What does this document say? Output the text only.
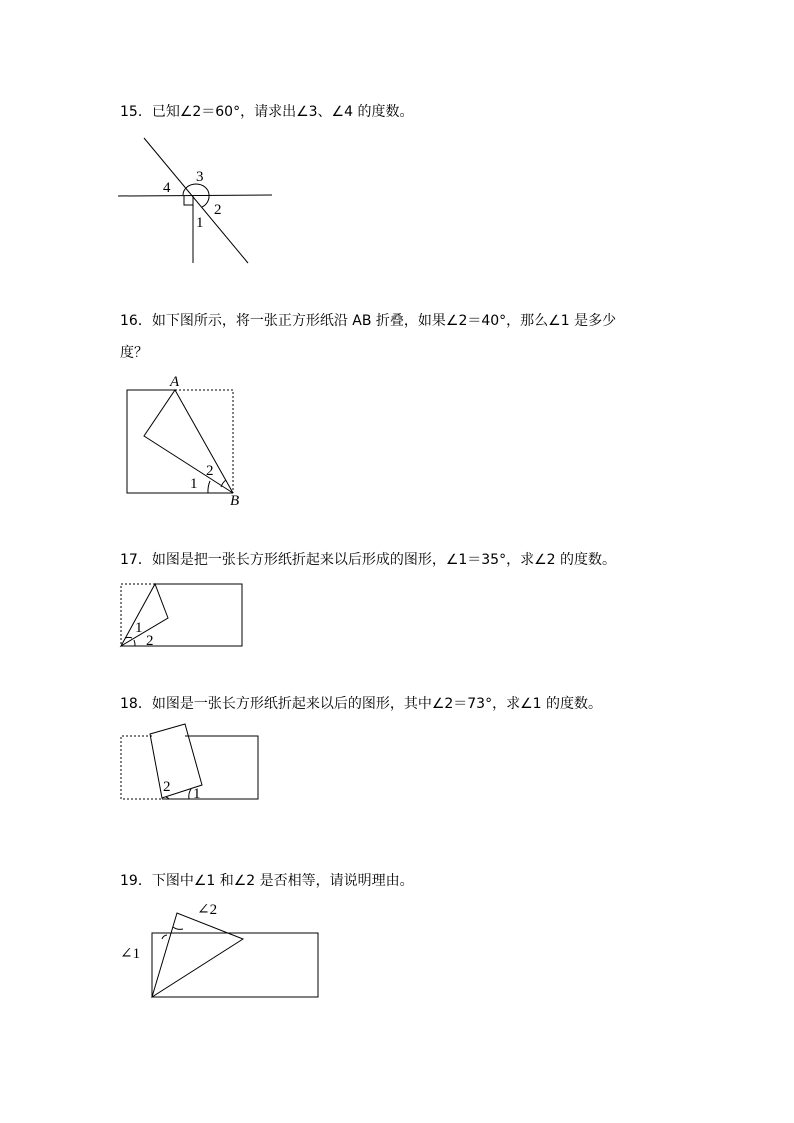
15．已知∠2＝60°，请求出∠3、∠4 的度数。
3
4
2
1
16．如下图所示，将一张正方形纸沿 AB 折叠，如果∠2＝40°，那么∠1 是多少
度？
A
B
2
1
17．如图是把一张长方形纸折起来以后形成的图形，∠1＝35°，求∠2 的度数。
1
2
18．如图是一张长方形纸折起来以后的图形，其中∠2＝73°，求∠1 的度数。
2 1
19．下图中∠1 和∠2 是否相等，请说明理由。
∠2
∠1
